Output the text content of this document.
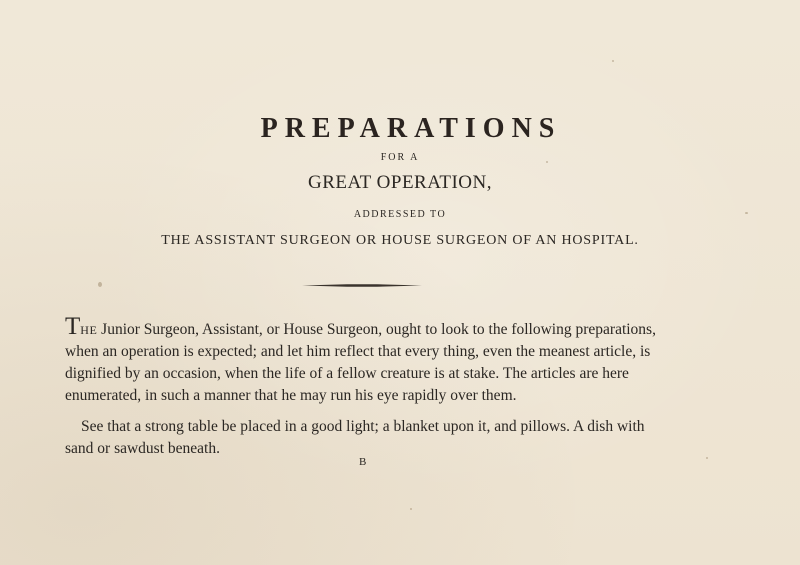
PREPARATIONS
FOR A
GREAT OPERATION,
ADDRESSED TO
THE ASSISTANT SURGEON OR HOUSE SURGEON OF AN HOSPITAL.

THE Junior Surgeon, Assistant, or House Surgeon, ought to look to the following preparations, when an operation is expected; and let him reflect that every thing, even the meanest article, is dignified by an occasion, when the life of a fellow creature is at stake. The articles are here enumerated, in such a manner that he may run his eye rapidly over them.

See that a strong table be placed in a good light; a blanket upon it, and pillows. A dish with sand or sawdust beneath.

B
